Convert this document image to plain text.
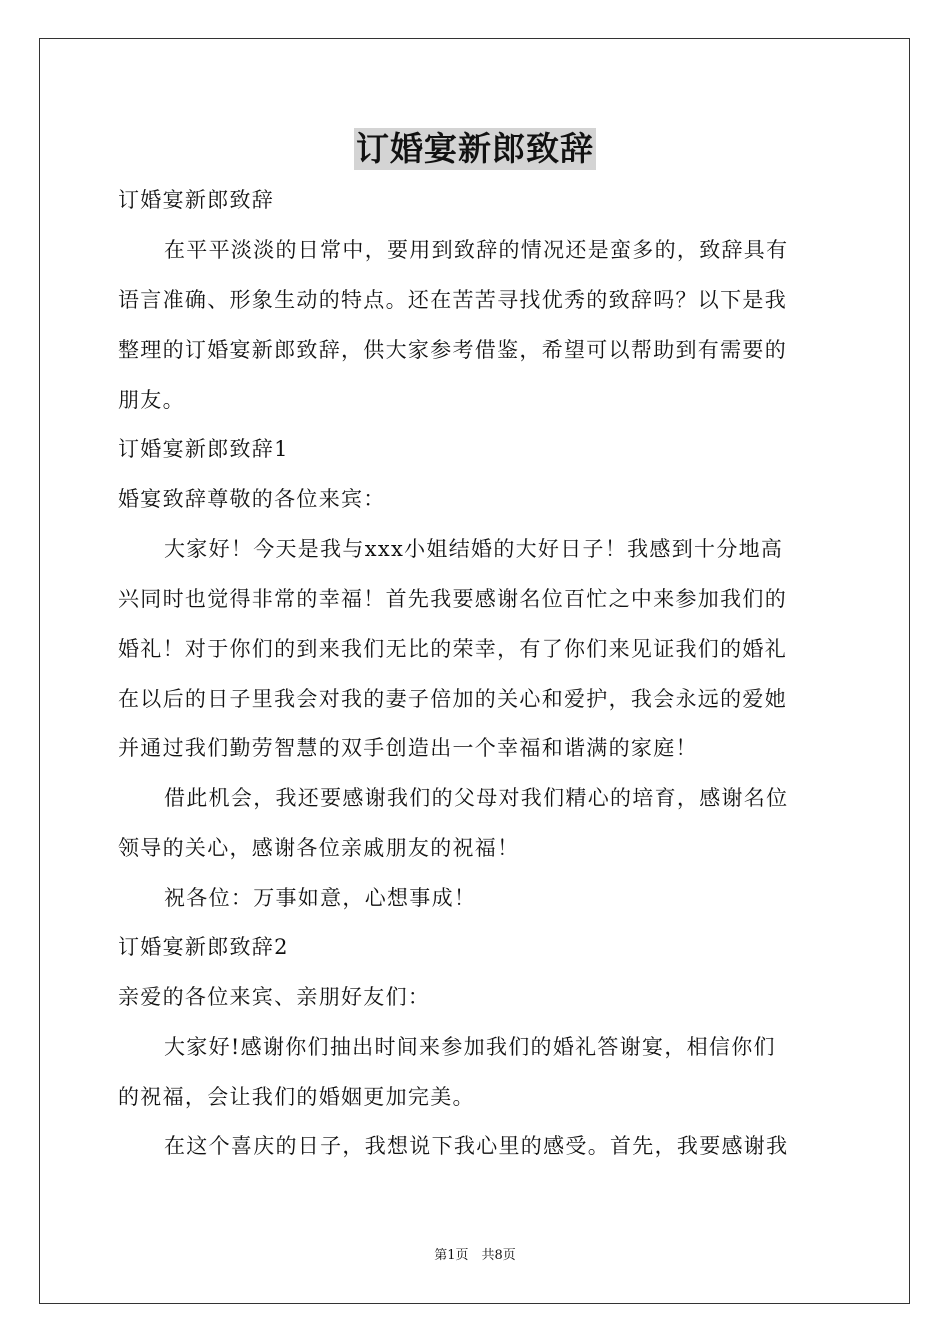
订婚宴新郎致辞
订婚宴新郎致辞
在平平淡淡的日常中，要用到致辞的情况还是蛮多的，致辞具有
语言准确、形象生动的特点。还在苦苦寻找优秀的致辞吗？以下是我
整理的订婚宴新郎致辞，供大家参考借鉴，希望可以帮助到有需要的
朋友。
订婚宴新郎致辞1
婚宴致辞尊敬的各位来宾：
大家好！今天是我与xxx小姐结婚的大好日子！我感到十分地高
兴同时也觉得非常的幸福！首先我要感谢名位百忙之中来参加我们的
婚礼！对于你们的到来我们无比的荣幸，有了你们来见证我们的婚礼
在以后的日子里我会对我的妻子倍加的关心和爱护，我会永远的爱她
并通过我们勤劳智慧的双手创造出一个幸福和谐满的家庭！
借此机会，我还要感谢我们的父母对我们精心的培育，感谢名位
领导的关心，感谢各位亲戚朋友的祝福！
祝各位：万事如意，心想事成！
订婚宴新郎致辞2
亲爱的各位来宾、亲朋好友们：
大家好!感谢你们抽出时间来参加我们的婚礼答谢宴，相信你们
的祝福，会让我们的婚姻更加完美。
在这个喜庆的日子，我想说下我心里的感受。首先，我要感谢我
第1页　共8页
